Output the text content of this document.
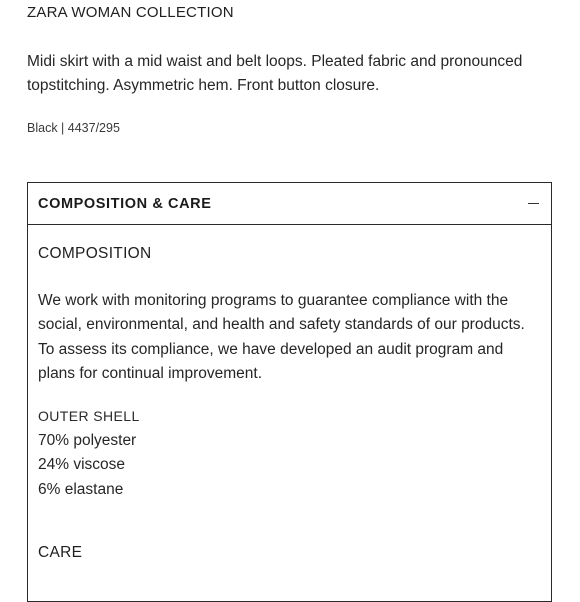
ZARA WOMAN COLLECTION
Midi skirt with a mid waist and belt loops. Pleated fabric and pronounced topstitching. Asymmetric hem. Front button closure.
Black | 4437/295
COMPOSITION & CARE
COMPOSITION
We work with monitoring programs to guarantee compliance with the social, environmental, and health and safety standards of our products. To assess its compliance, we have developed an audit program and plans for continual improvement.
OUTER SHELL
70% polyester
24% viscose
6% elastane
CARE
